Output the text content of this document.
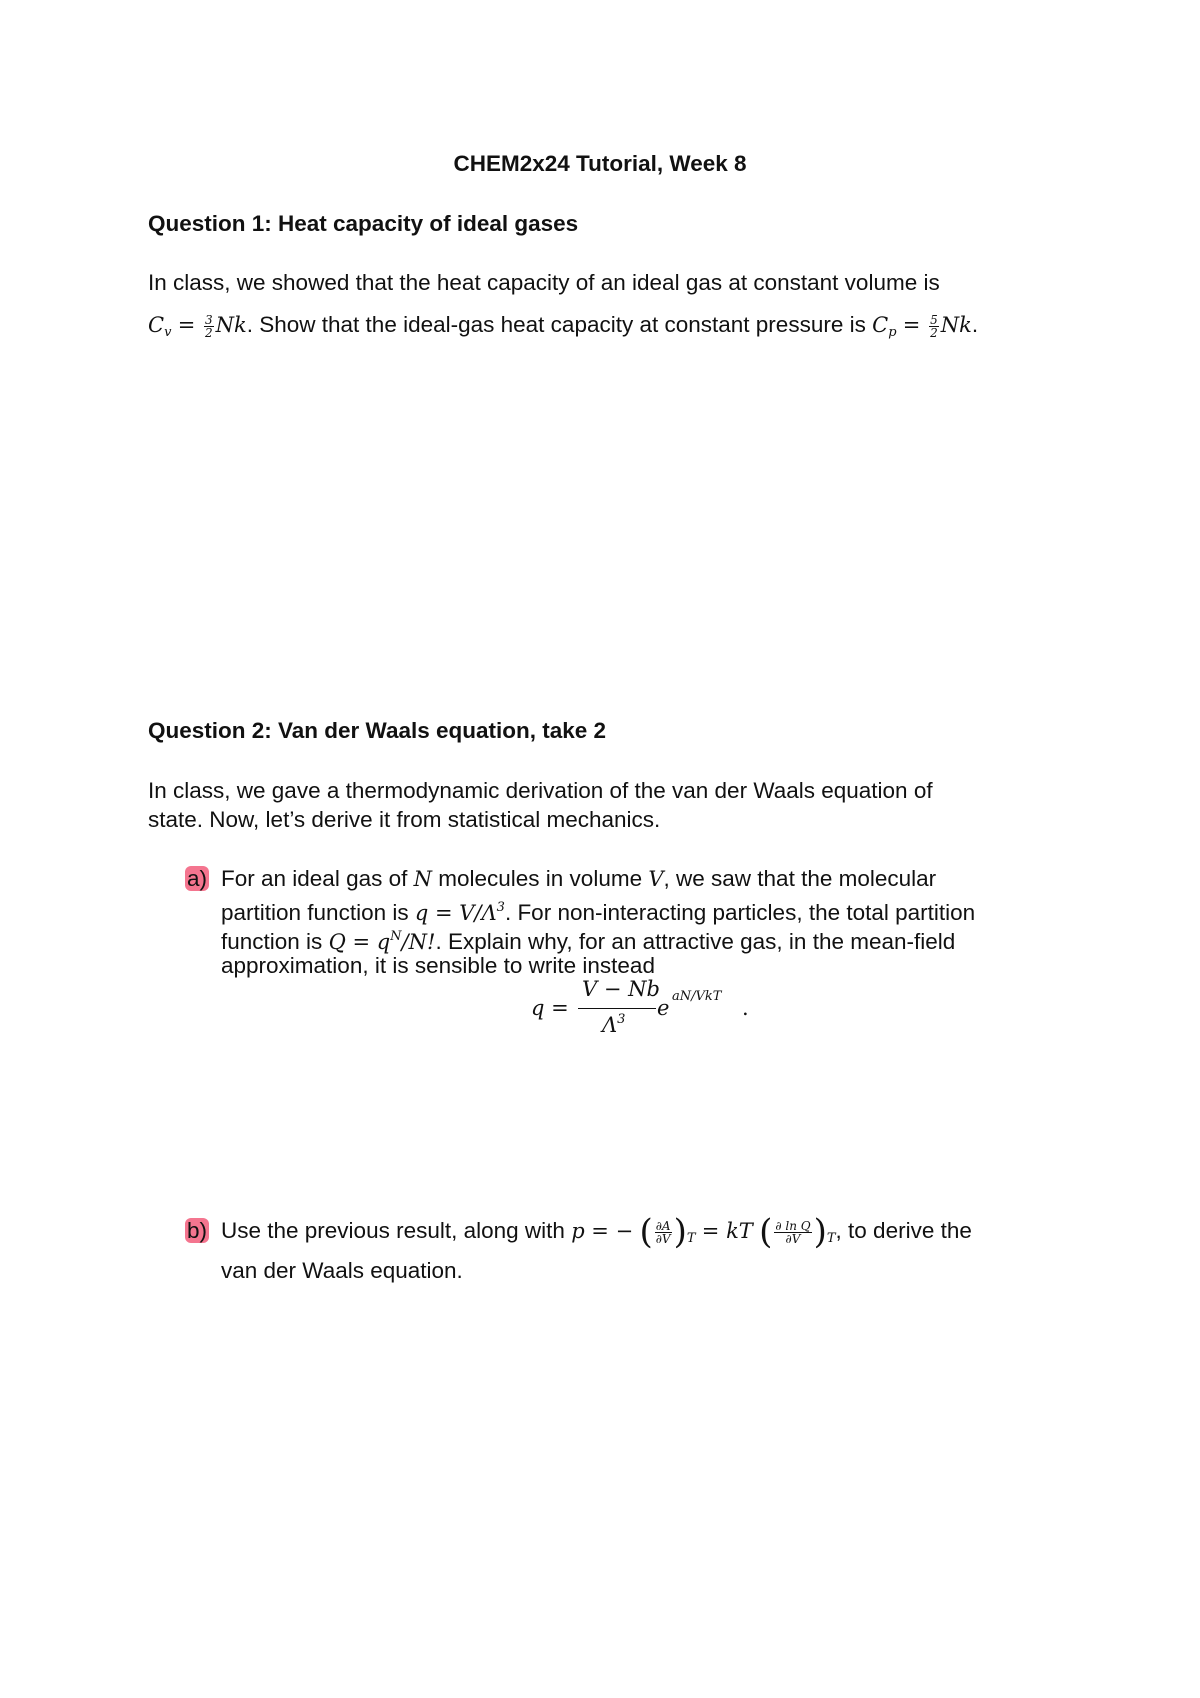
CHEM2x24 Tutorial, Week 8
Question 1: Heat capacity of ideal gases
In class, we showed that the heat capacity of an ideal gas at constant volume is
$C_v = \frac{3}{2} Nk$. Show that the ideal-gas heat capacity at constant pressure is $C_p = \frac{5}{2} Nk$.
Question 2: Van der Waals equation, take 2
In class, we gave a thermodynamic derivation of the van der Waals equation of
state. Now, let’s derive it from statistical mechanics.
a) For an ideal gas of N molecules in volume V, we saw that the molecular
partition function is $q = V/\Lambda^3$. For non-interacting particles, the total partition
function is $Q = q^N/N$!. Explain why, for an attractive gas, in the mean-field
approximation, it is sensible to write instead
q =
V − Nb
$\Lambda^3$ e aN/VkT .
b) Use the previous result, along with p = − ( $\frac{\partial A}{\partial V} )_T$ = kT ( $\frac{\text{∂ ln Q}}{\partial V} )_T$, to derive the
van der Waals equation.
